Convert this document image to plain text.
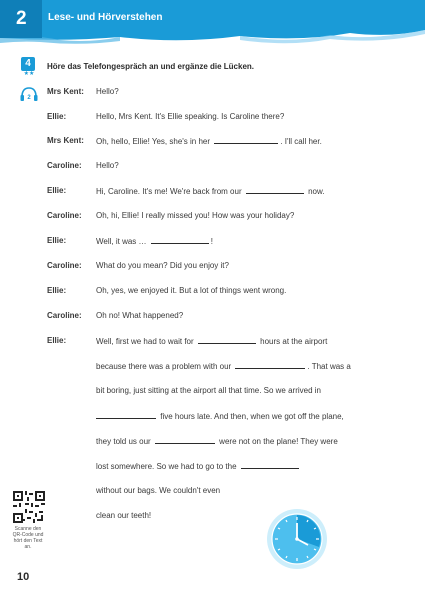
2	Lese- und Hörverstehen
4
★★
2
Höre das Telefongespräch an und ergänze die Lücken.
Mrs Kent:	Hello?
Ellie:	Hello, Mrs Kent. It's Ellie speaking. Is Caroline there?
Mrs Kent:	Oh, hello, Ellie! Yes, she's in her	. I'll call her.
Caroline:	Hello?
Ellie:	Hi, Caroline. It's me! We're back from our	now.
Caroline:	Oh, hi, Ellie! I really missed you! How was your holiday?
Ellie:	Well, it was …	!
Caroline:	What do you mean? Did you enjoy it?
Ellie:	Oh, yes, we enjoyed it. But a lot of things went wrong.
Caroline:	Oh no! What happened?
Ellie:	Well, first we had to wait for	hours at the airport
because there was a problem with our	. That was a
bit boring, just sitting at the airport all that time. So we arrived in
five hours late. And then, when we got off the plane,
they told us our	were not on the plane! They were
lost somewhere. So we had to go to the
without our bags. We couldn't even
clean our teeth!
Scanne den QR-Code und hört den Text an.
10
